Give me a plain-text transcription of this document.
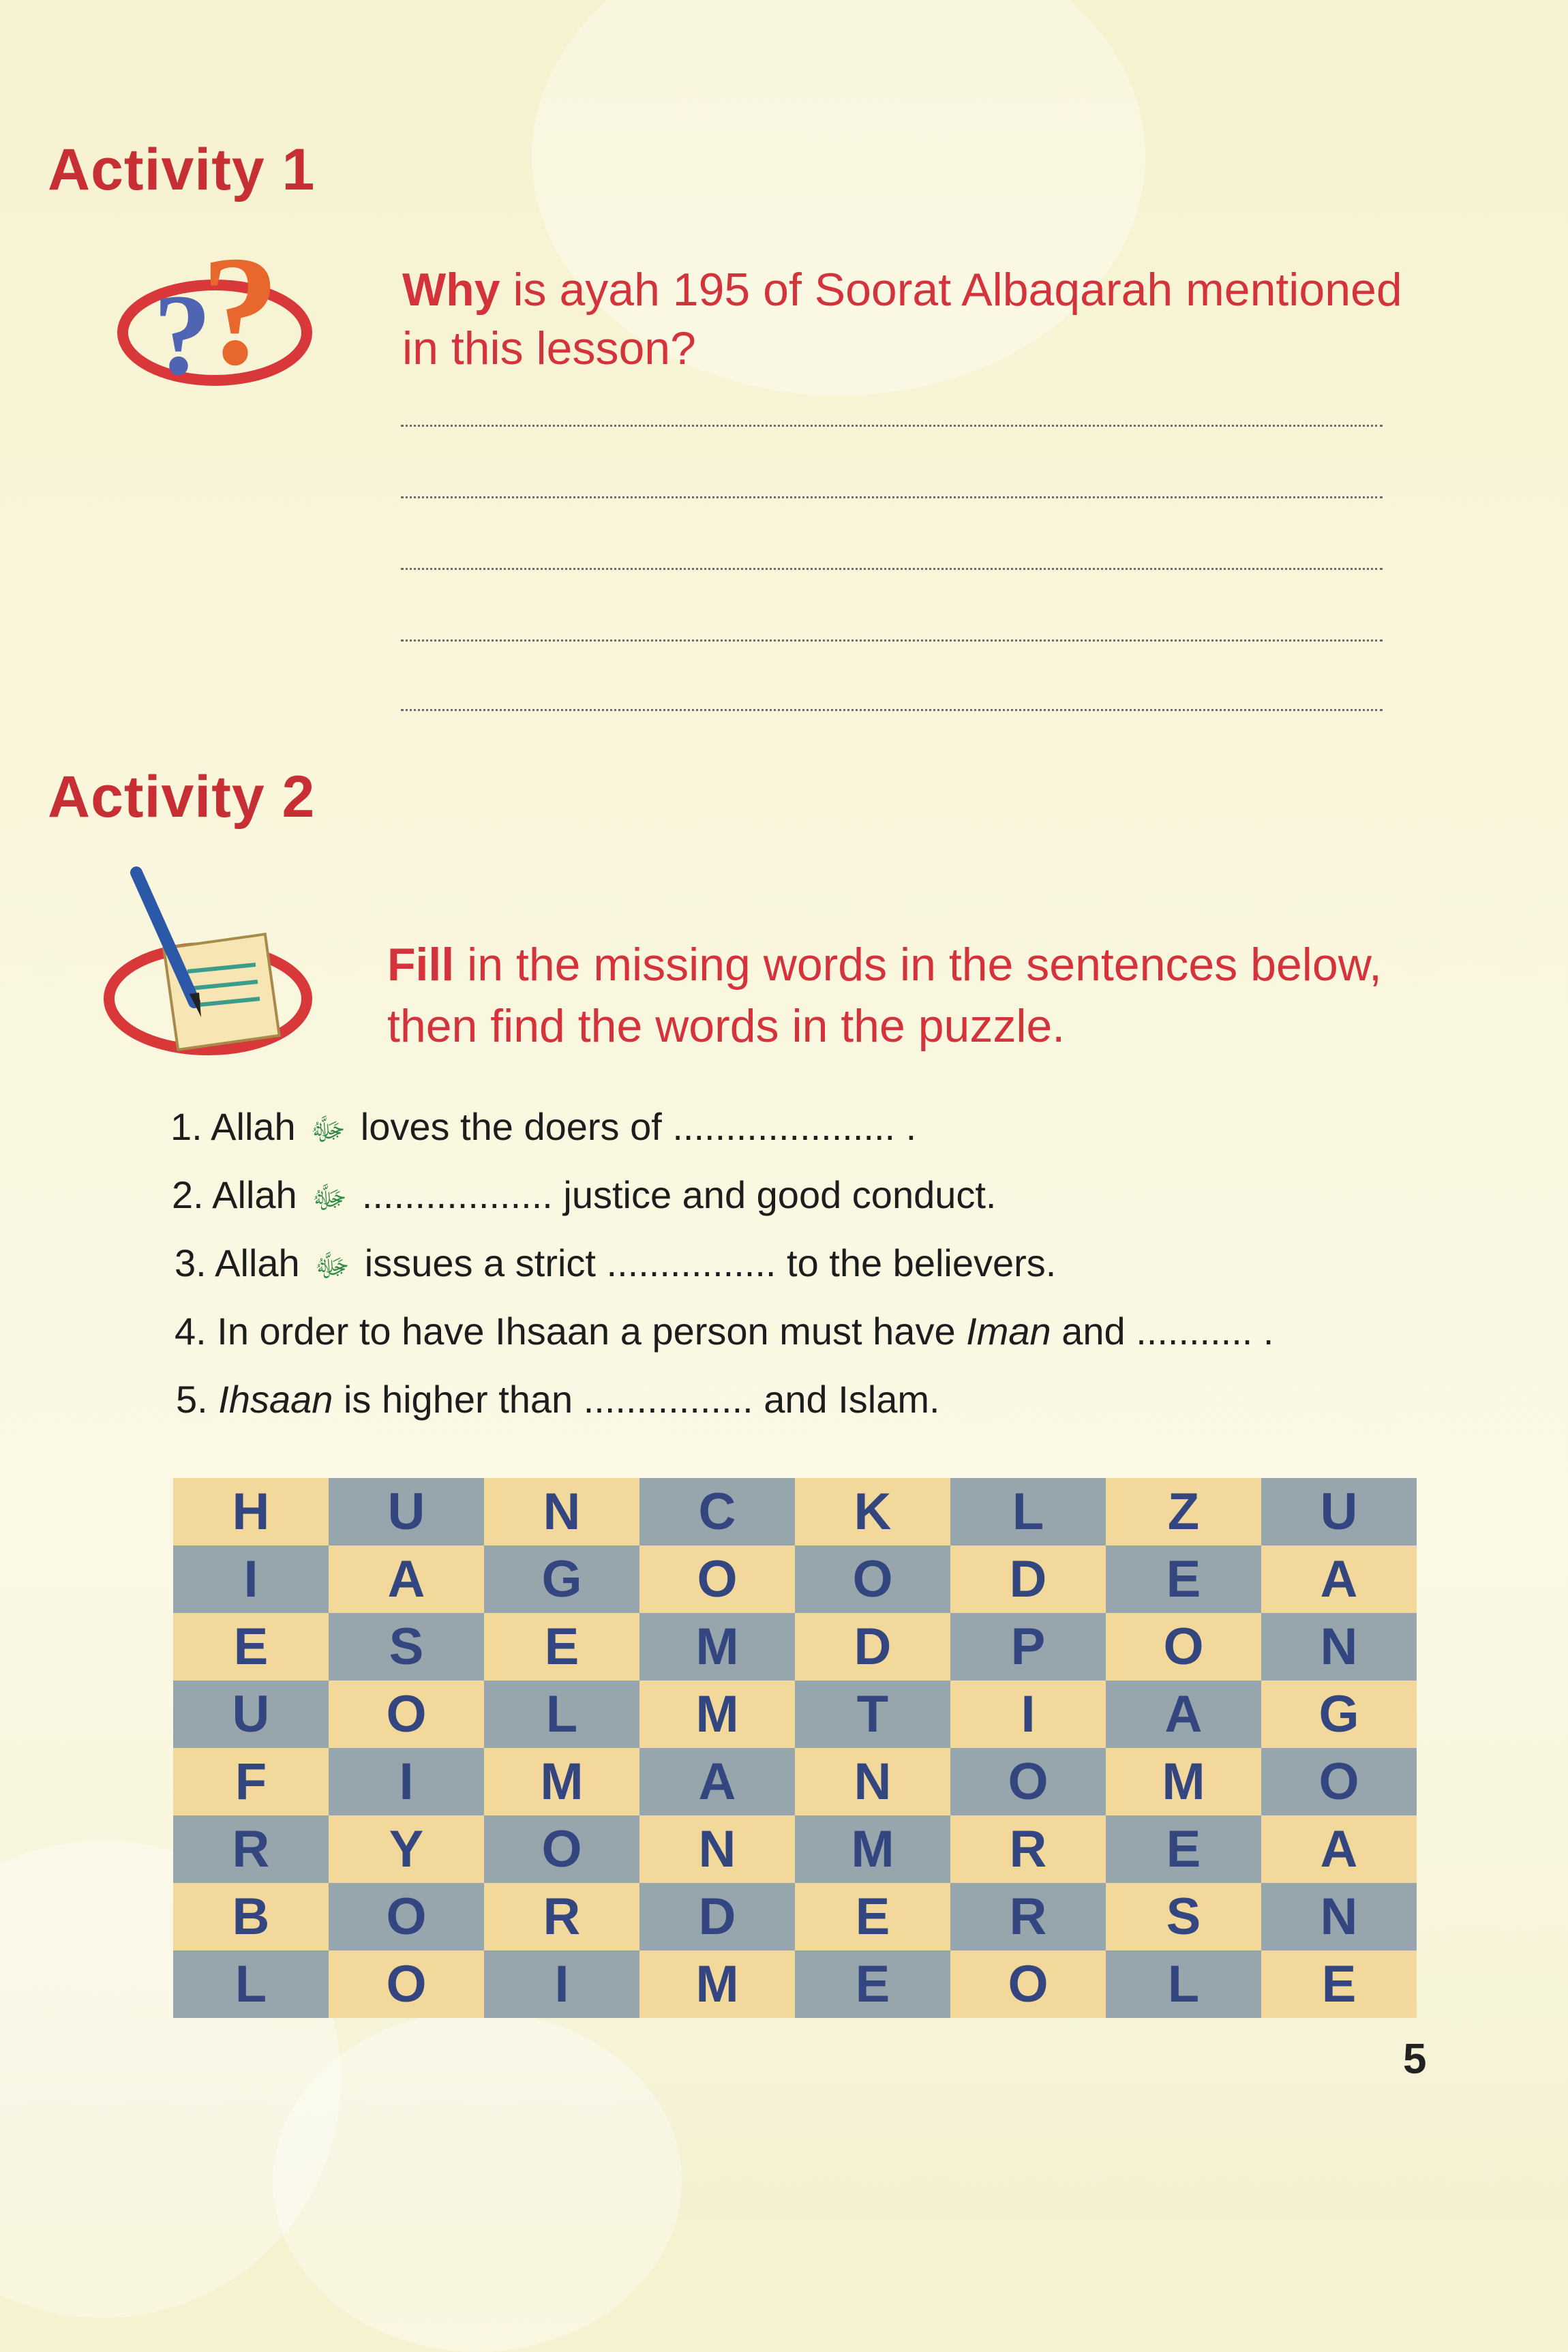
Activity 1
?
?	Why is ayah 195 of Soorat Albaqarah mentioned in this lesson?
Activity 2
Fill in the missing words in the sentences below, then find the words in the puzzle.
1. Allah ﷻ loves the doers of ..................... .
2. Allah ﷻ .................. justice and good conduct.
3. Allah ﷻ issues a strict ................ to the believers.
4. In order to have Ihsaan a person must have Iman and ........... .
5. Ihsaan is higher than ................ and Islam.
H	U	N	C	K	L	Z	U
I	A	G	O	O	D	E	A
E	S	E	M	D	P	O	N
U	O	L	M	T	I	A	G
F	I	M	A	N	O	M	O
R	Y	O	N	M	R	E	A
B	O	R	D	E	R	S	N
L	O	I	M	E	O	L	E
5
